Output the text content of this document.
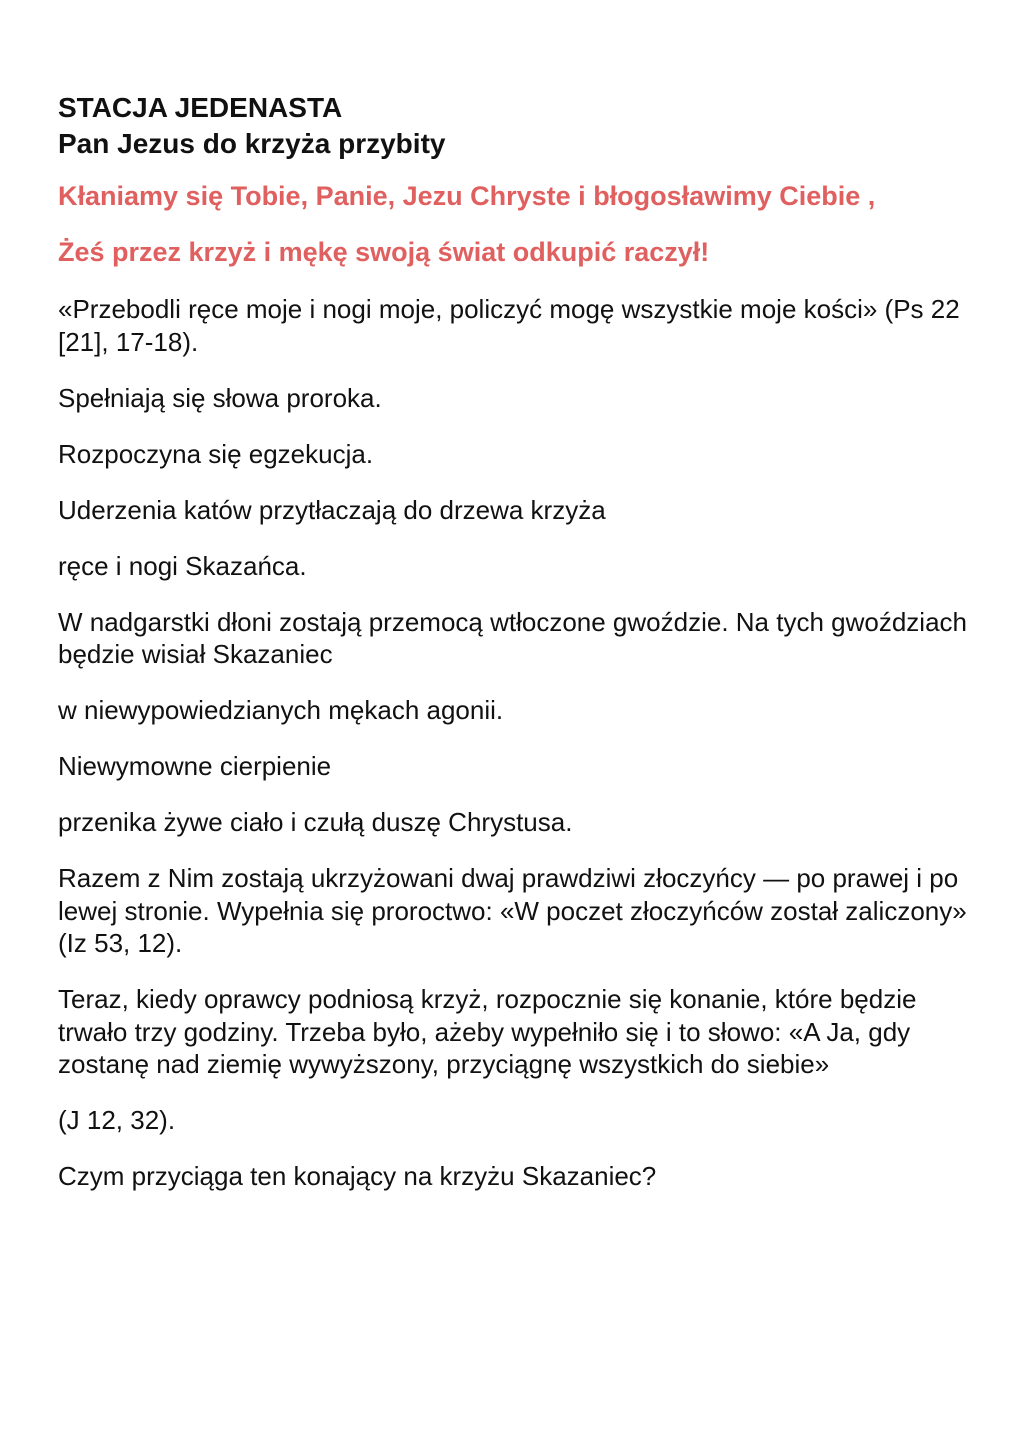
STACJA JEDENASTA
Pan Jezus do krzyża przybity

Kłaniamy się Tobie, Panie, Jezu Chryste i błogosławimy Ciebie ,

Żeś przez krzyż i mękę swoją świat odkupić raczył!

«Przebodli ręce moje i nogi moje, policzyć mogę wszystkie moje kości» (Ps 22 [21], 17-18).

Spełniają się słowa proroka.

Rozpoczyna się egzekucja.

Uderzenia katów przytłaczają do drzewa krzyża

ręce i nogi Skazańca.

W nadgarstki dłoni zostają przemocą wtłoczone gwoździe. Na tych gwoździach będzie wisiał Skazaniec

w niewypowiedzianych mękach agonii.

Niewymowne cierpienie

przenika żywe ciało i czułą duszę Chrystusa.

Razem z Nim zostają ukrzyżowani dwaj prawdziwi złoczyńcy — po prawej i po lewej stronie. Wypełnia się proroctwo: «W poczet złoczyńców został zaliczony» (Iz 53, 12).

Teraz, kiedy oprawcy podniosą krzyż, rozpocznie się konanie, które będzie trwało trzy godziny. Trzeba było, ażeby wypełniło się i to słowo: «A Ja, gdy zostanę nad ziemię wywyższony, przyciągnę wszystkich do siebie»

(J 12, 32).

Czym przyciąga ten konający na krzyżu Skazaniec?
